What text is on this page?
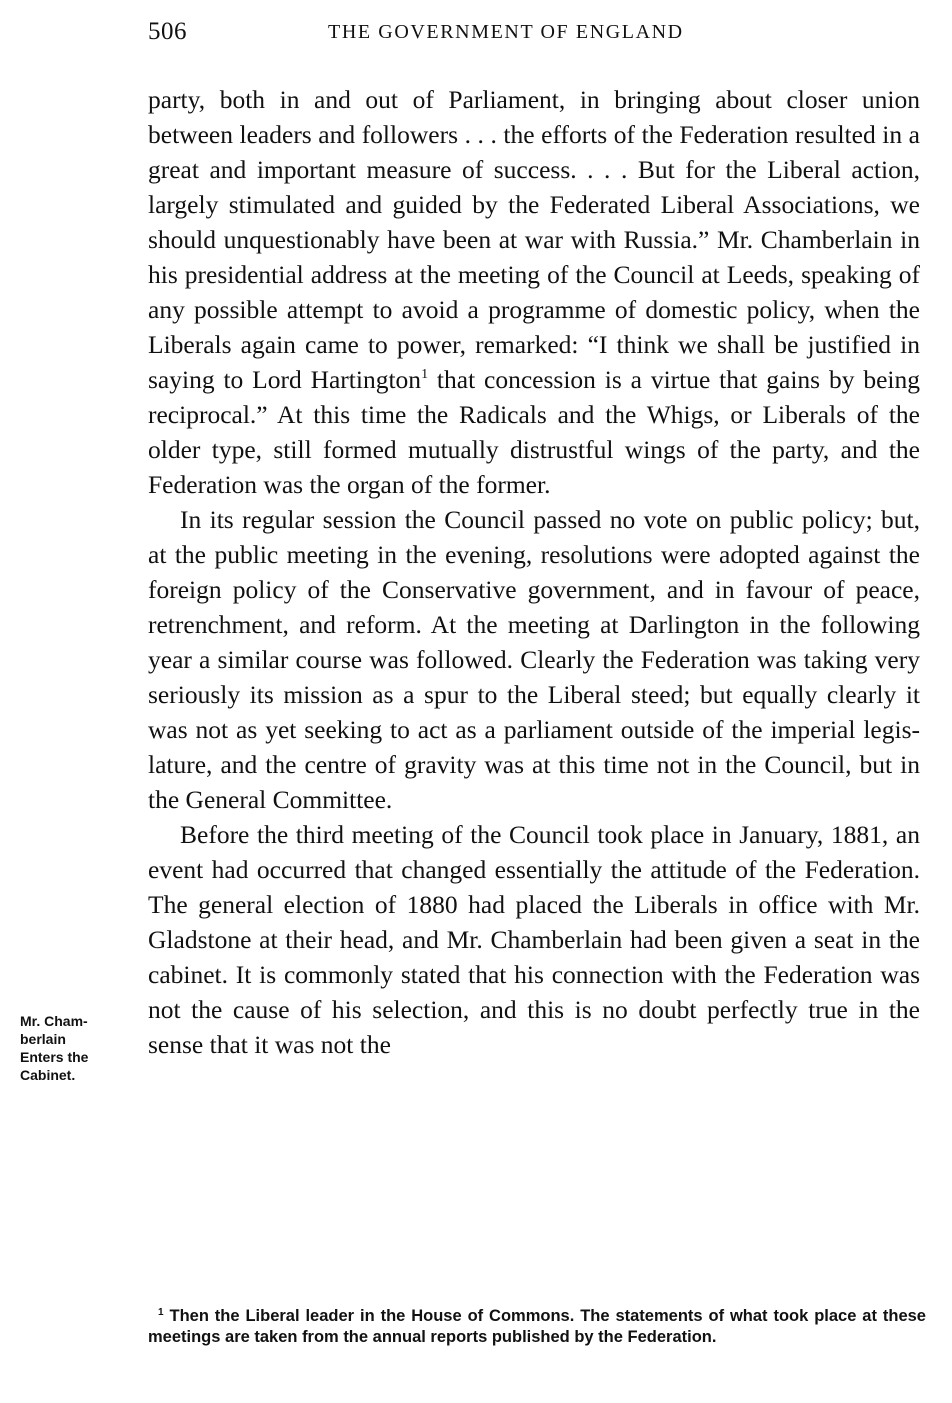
506	THE GOVERNMENT OF ENGLAND

party, both in and out of Parliament, in bringing about closer union between leaders and followers . . . the efforts of the Federation resulted in a great and important measure of success. . . . But for the Liberal action, largely stimulated and guided by the Federated Liberal Associations, we should unquestionably have been at war with Russia.” Mr. Chamberlain in his presidential address at the meeting of the Council at Leeds, speaking of any possible attempt to avoid a programme of domestic policy, when the Liberals again came to power, remarked: “I think we shall be justified in saying to Lord Hartington$^1$ that concession is a virtue that gains by being reciprocal.” At this time the Radicals and the Whigs, or Liberals of the older type, still formed mutually distrustful wings of the party, and the Federation was the organ of the former.

In its regular session the Council passed no vote on public policy; but, at the public meeting in the evening, resolutions were adopted against the foreign policy of the Conservative government, and in favour of peace, retrenchment, and reform. At the meeting at Darlington in the following year a similar course was followed. Clearly the Federation was taking very seriously its mission as a spur to the Liberal steed; but equally clearly it was not as yet seeking to act as a parliament outside of the imperial legislature, and the centre of gravity was at this time not in the Council, but in the General Committee.

Before the third meeting of the Council took place in January, 1881, an event had occurred that changed essentially the attitude of the Federation. The general election of 1880 had placed the Liberals in office with Mr. Gladstone at their head, and Mr. Chamberlain had been given a seat in the cabinet. It is commonly stated that his connection with the Federation was not the cause of his selection, and this is no doubt perfectly true in the sense that it was not the

Mr. Cham-
berlain
Enters the
Cabinet.

$^1$ Then the Liberal leader in the House of Commons. The statements of what took place at these meetings are taken from the annual reports published by the Federation.
